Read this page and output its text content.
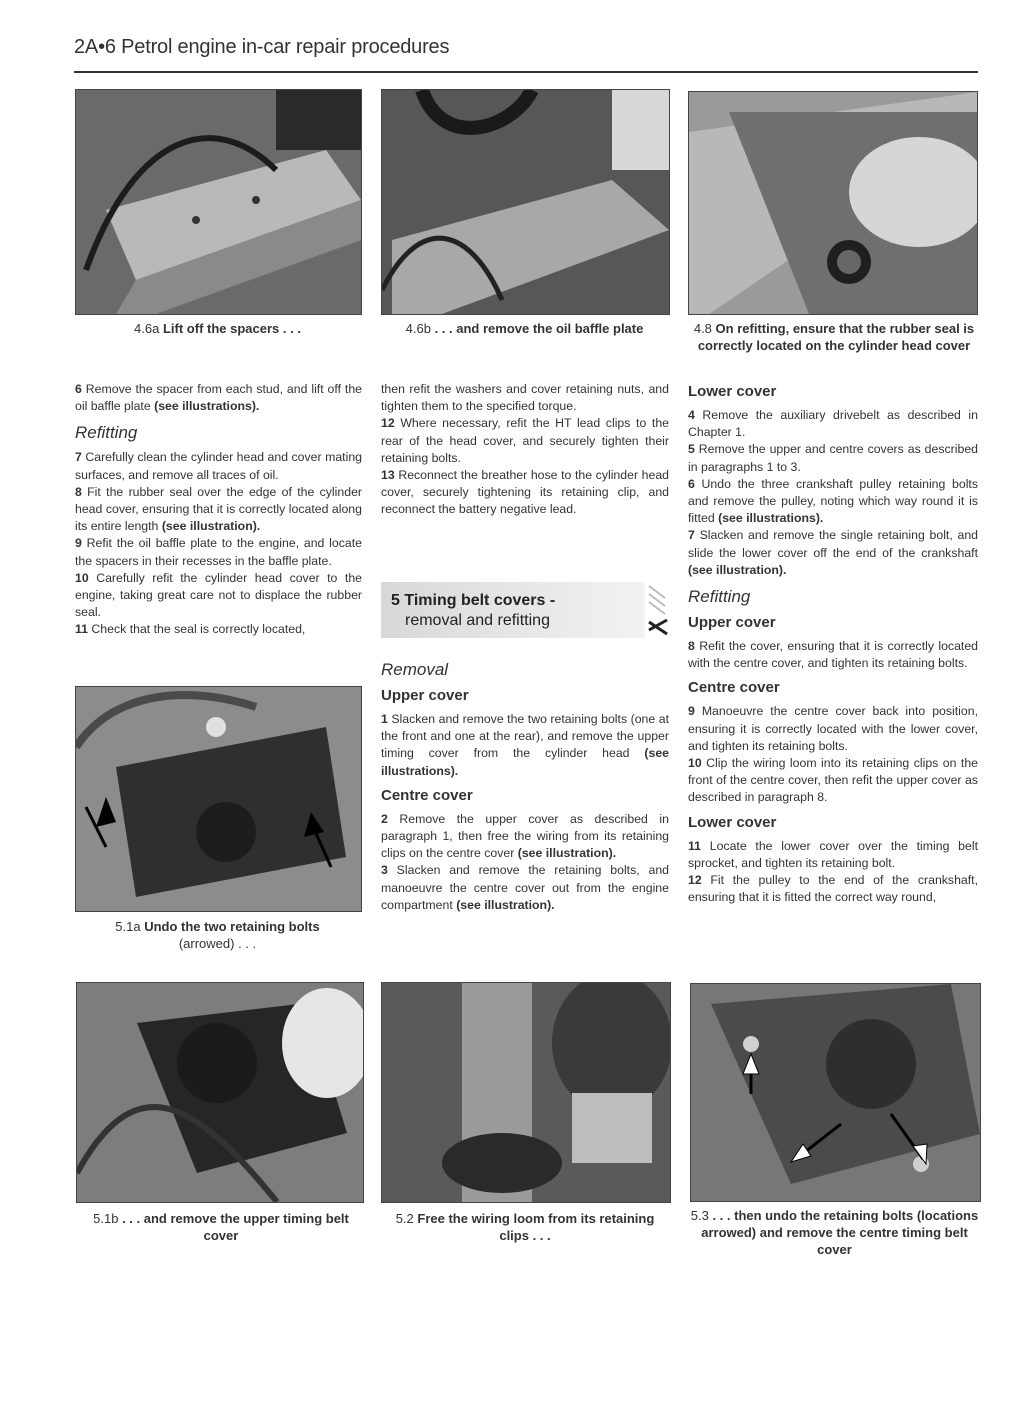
2A•6 Petrol engine in-car repair procedures
4.6a Lift off the spacers . . .	4.6b . . . and remove the oil baffle plate	4.8 On refitting, ensure that the rubber seal is correctly located on the cylinder head cover

6 Remove the spacer from each stud, and lift off the oil baffle plate (see illustrations).

Refitting

7 Carefully clean the cylinder head and cover mating surfaces, and remove all traces of oil.

8 Fit the rubber seal over the edge of the cylinder head cover, ensuring that it is correctly located along its entire length (see illustration).

9 Refit the oil baffle plate to the engine, and locate the spacers in their recesses in the baffle plate.

10 Carefully refit the cylinder head cover to the engine, taking great care not to displace the rubber seal.

11 Check that the seal is correctly located,

5.1a Undo the two retaining bolts
(arrowed) . . .

then refit the washers and cover retaining nuts, and tighten them to the specified torque.

12 Where necessary, refit the HT lead clips to the rear of the head cover, and securely tighten their retaining bolts.

13 Reconnect the breather hose to the cylinder head cover, securely tightening its retaining clip, and reconnect the battery negative lead.

5 Timing belt covers -
removal and refitting
Removal
Upper cover

1 Slacken and remove the two retaining bolts (one at the front and one at the rear), and remove the upper timing cover from the cylinder head (see illustrations).

Centre cover

2 Remove the upper cover as described in paragraph 1, then free the wiring from its retaining clips on the centre cover (see illustration).

3 Slacken and remove the retaining bolts, and manoeuvre the centre cover out from the engine compartment (see illustration).

Lower cover

4 Remove the auxiliary drivebelt as described in Chapter 1.

5 Remove the upper and centre covers as described in paragraphs 1 to 3.

6 Undo the three crankshaft pulley retaining bolts and remove the pulley, noting which way round it is fitted (see illustrations).

7 Slacken and remove the single retaining bolt, and slide the lower cover off the end of the crankshaft (see illustration).

Refitting
Upper cover

8 Refit the cover, ensuring that it is correctly located with the centre cover, and tighten its retaining bolts.

Centre cover

9 Manoeuvre the centre cover back into position, ensuring it is correctly located with the lower cover, and tighten its retaining bolts.

10 Clip the wiring loom into its retaining clips on the front of the centre cover, then refit the upper cover as described in paragraph 8.

Lower cover

11 Locate the lower cover over the timing belt sprocket, and tighten its retaining bolt.

12 Fit the pulley to the end of the crankshaft, ensuring that it is fitted the correct way round,

5.1b . . . and remove the upper timing belt cover
5.2 Free the wiring loom from its retaining clips . . .
5.3 . . . then undo the retaining bolts (locations arrowed) and remove the centre timing belt cover
